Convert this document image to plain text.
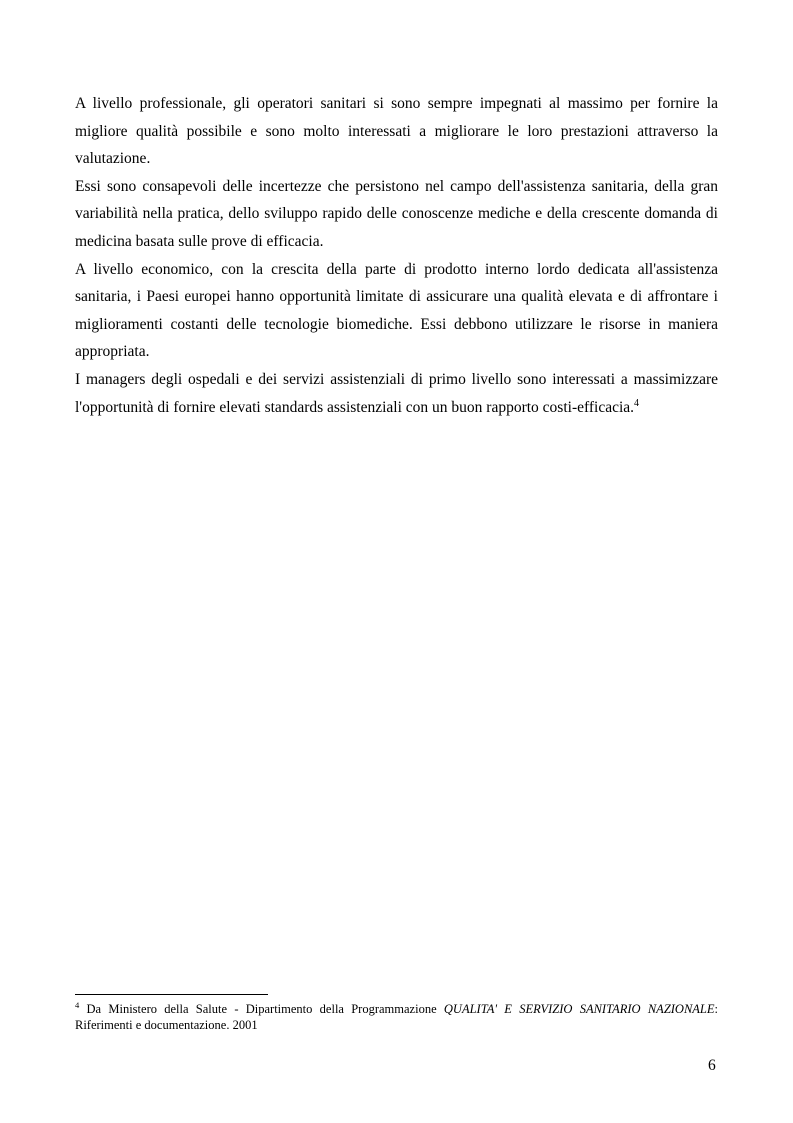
A livello professionale, gli operatori sanitari si sono sempre impegnati al massimo per fornire la migliore qualità possibile e sono molto interessati a migliorare le loro prestazioni attraverso la valutazione.

Essi sono consapevoli delle incertezze che persistono nel campo dell'assistenza sanitaria, della gran variabilità nella pratica, dello sviluppo rapido delle conoscenze mediche e della crescente domanda di medicina basata sulle prove di efficacia.

A livello economico, con la crescita della parte di prodotto interno lordo dedicata all'assistenza sanitaria, i Paesi europei hanno opportunità limitate di assicurare una qualità elevata e di affrontare i miglioramenti costanti delle tecnologie biomediche. Essi debbono utilizzare le risorse in maniera appropriata.

I managers degli ospedali e dei servizi assistenziali di primo livello sono interessati a massimizzare l'opportunità di fornire elevati standards assistenziali con un buon rapporto costi-efficacia.$^4$

$^4$ Da Ministero della Salute - Dipartimento della Programmazione QUALITA' E SERVIZIO SANITARIO NAZIONALE: Riferimenti e documentazione. 2001
6
